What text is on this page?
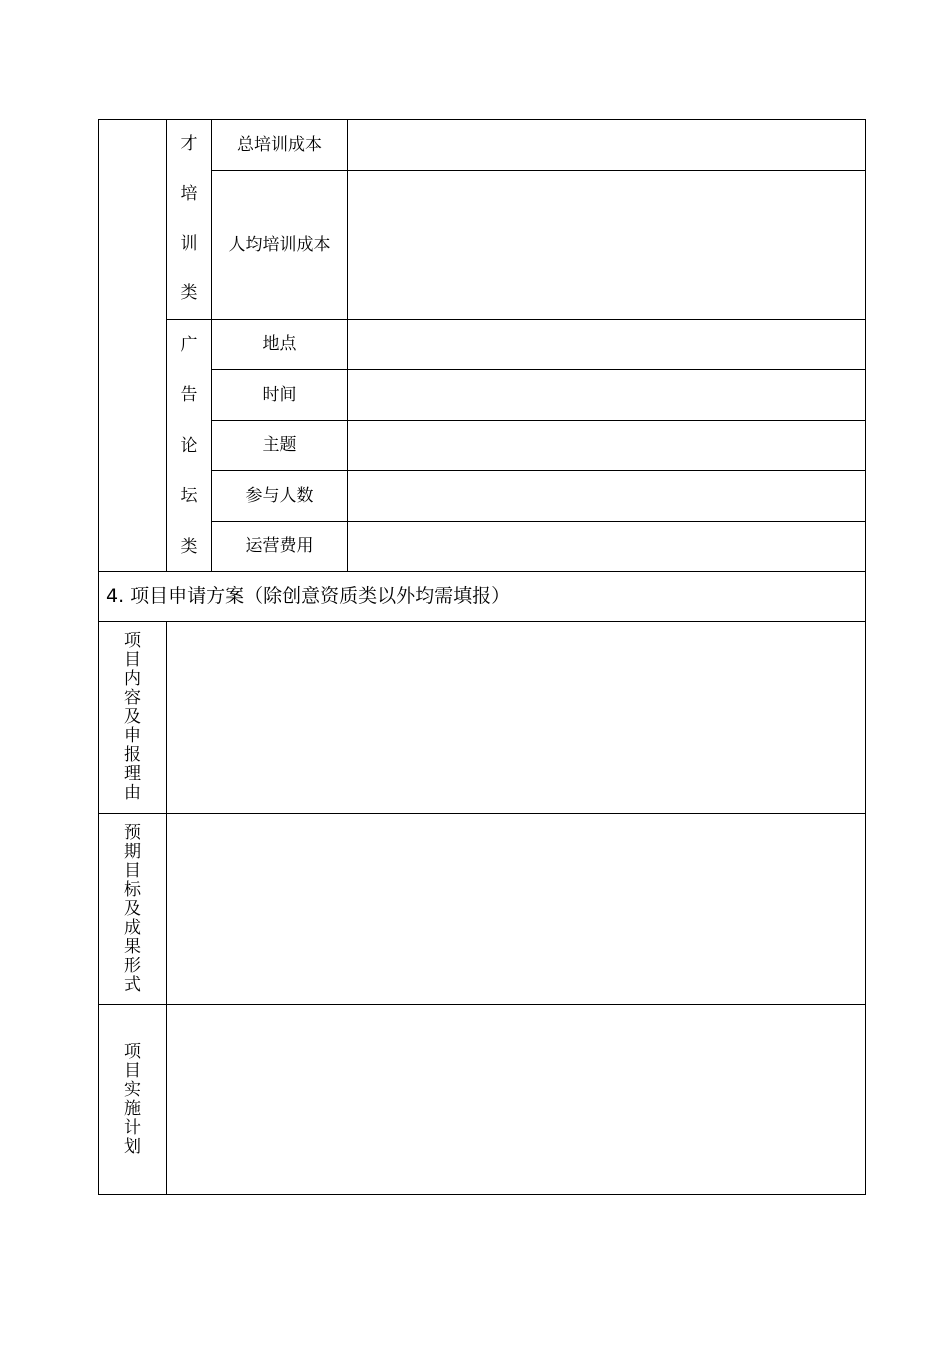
才
培
训
类
总培训成本
人均培训成本
广
告
论
坛
类
地点
时间
主题
参与人数
运营费用
4. 项目申请方案（除创意资质类以外均需填报）
项目内容及申报理由
预期目标及成果形式
项目实施计划
